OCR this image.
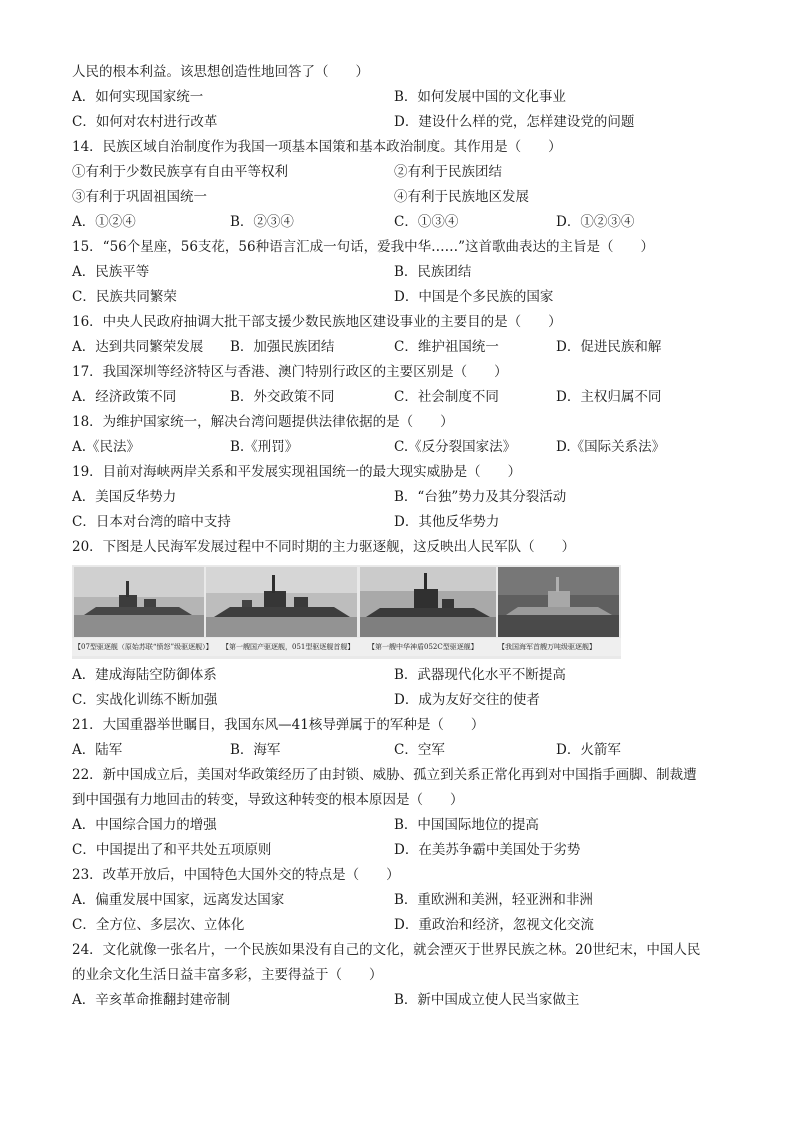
人民的根本利益。该思想创造性地回答了（　　）
A．如何实现国家统一	B．如何发展中国的文化事业
C．如何对农村进行改革	D．建设什么样的党，怎样建设党的问题
14．民族区域自治制度作为我国一项基本国策和基本政治制度。其作用是（　　）
①有利于少数民族享有自由平等权利	②有利于民族团结
③有利于巩固祖国统一	④有利于民族地区发展
A．①②④	B．②③④	C．①③④	D．①②③④
15．“56个星座，56支花，56种语言汇成一句话，爱我中华……”这首歌曲表达的主旨是（　　）
A．民族平等	B．民族团结
C．民族共同繁荣	D．中国是个多民族的国家
16．中央人民政府抽调大批干部支援少数民族地区建设事业的主要目的是（　　）
A．达到共同繁荣发展 B．加强民族团结	C．维护祖国统一	D．促进民族和解
17．我国深圳等经济特区与香港、澳门特别行政区的主要区别是（　　）
A．经济政策不同	B．外交政策不同	C．社会制度不同	D．主权归属不同
18．为维护国家统一，解决台湾问题提供法律依据的是（　　）
A.《民法》	B.《刑罚》	C.《反分裂国家法》	D.《国际关系法》
19．目前对海峡两岸关系和平发展实现祖国统一的最大现实威胁是（　　）
A．美国反华势力	B．“台独”势力及其分裂活动
C．日本对台湾的暗中支持	D．其他反华势力
20．下图是人民海军发展过程中不同时期的主力驱逐舰，这反映出人民军队（　　）
【07型驱逐舰（原始苏联“愤怒”级驱逐舰）】 【第一艘国产驱逐舰，051型驱逐舰首舰】 【第一艘中华神盾052C型驱逐舰】	【我国海军首艘万吨级驱逐舰】
A．建成海陆空防御体系	B．武器现代化水平不断提高
C．实战化训练不断加强	D．成为友好交往的使者
21．大国重器举世瞩目，我国东风—41核导弹属于的军种是（　　）
A．陆军	B．海军	C．空军	D．火箭军
22．新中国成立后，美国对华政策经历了由封锁、威胁、孤立到关系正常化再到对中国指手画脚、制裁遭
到中国强有力地回击的转变，导致这种转变的根本原因是（　　）
A．中国综合国力的增强	B．中国国际地位的提高
C．中国提出了和平共处五项原则	D．在美苏争霸中美国处于劣势
23．改革开放后，中国特色大国外交的特点是（　　）
A．偏重发展中国家，远离发达国家	B．重欧洲和美洲，轻亚洲和非洲
C．全方位、多层次、立体化	D．重政治和经济，忽视文化交流
24．文化就像一张名片，一个民族如果没有自己的文化，就会湮灭于世界民族之林。20世纪末，中国人民
的业余文化生活日益丰富多彩，主要得益于（　　）
A．辛亥革命推翻封建帝制	B．新中国成立使人民当家做主
